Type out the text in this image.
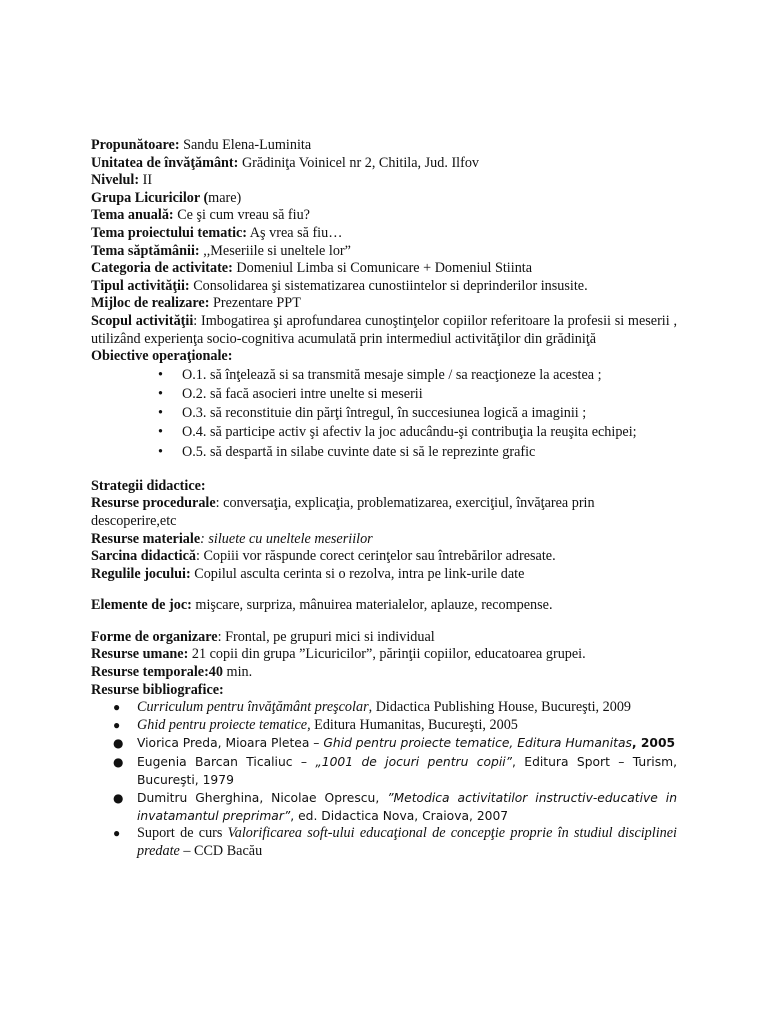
Propunătoare: Sandu Elena-Luminita
Unitatea de învăţământ: Grădiniţa Voinicel nr 2, Chitila, Jud. Ilfov
Nivelul: II
Grupa Licuricilor (mare)
Tema anuală: Ce şi cum vreau să fiu?
Tema proiectului tematic: Aş vrea să fiu…
Tema săptămânii: ,,Meseriile si uneltele lor”
Categoria de activitate: Domeniul Limba si Comunicare + Domeniul Stiinta
Tipul activităţii: Consolidarea şi sistematizarea cunostiintelor si deprinderilor insusite.
Mijloc de realizare: Prezentare PPT
Scopul activităţii: Imbogatirea şi aprofundarea cunoştinţelor copiilor referitoare la profesii si meserii , utilizând experienţa socio-cognitiva acumulată prin intermediul activităţilor din grădiniţă
Obiective operaţionale:
• O.1. să înţelează si sa transmită mesaje simple / sa reacţioneze la acestea ;
• O.2. să facă asocieri intre unelte si meserii
• O.3. să reconstituie din părţi întregul, în succesiunea logică a imaginii ;
• O.4. să participe activ şi afectiv la joc aducându-şi contribuţia la reuşita echipei;
• O.5. să despartă in silabe cuvinte date si să le reprezinte grafic
Strategii didactice:
Resurse procedurale: conversaţia, explicaţia, problematizarea, exerciţiul, învăţarea prin
descoperire,etc
Resurse materiale: siluete cu uneltele meseriilor
Sarcina didactică: Copiii vor răspunde corect cerinţelor sau întrebărilor adresate.
Regulile jocului: Copilul asculta cerinta si o rezolva, intra pe link-urile date
Elemente de joc: mişcare, surpriza, mânuirea materialelor, aplauze, recompense.
Forme de organizare: Frontal, pe grupuri mici si individual
Resurse umane: 21 copii din grupa ”Licuricilor”, părinţii copiilor, educatoarea grupei.
Resurse temporale:40 min.
Resurse bibliografice:
● Curriculum pentru învăţământ preşcolar, Didactica Publishing House, Bucureşti, 2009
● Ghid pentru proiecte tematice, Editura Humanitas, Bucureşti, 2005
● Viorica Preda, Mioara Pletea – Ghid pentru proiecte tematice, Editura Humanitas, 2005
● Eugenia Barcan Ticaliuc – „1001 de jocuri pentru copii”, Editura Sport – Turism, Bucureşti, 1979
● Dumitru Gherghina, Nicolae Oprescu, ”Metodica activitatilor instructiv-educative in invatamantul preprimar”, ed. Didactica Nova, Craiova, 2007
● Suport de curs Valorificarea soft-ului educaţional de concepţie proprie în studiul disciplinei predate – CCD Bacău
